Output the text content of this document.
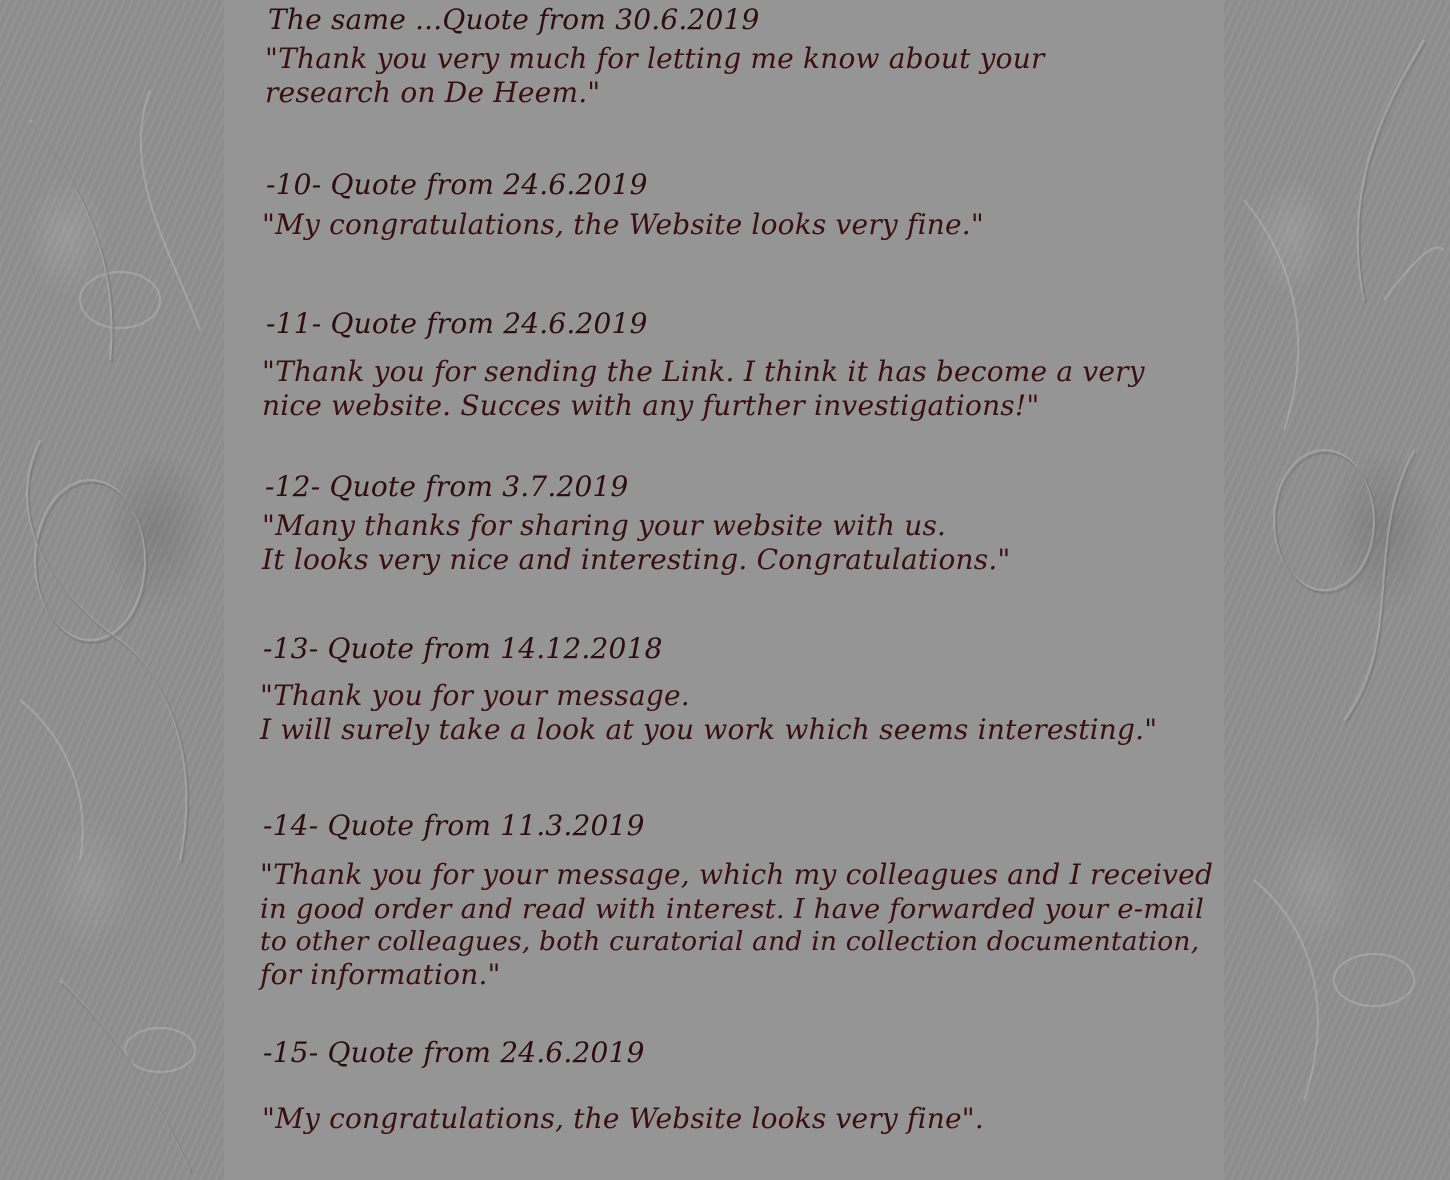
The same ...Quote from 30.6.2019

"Thank you very much for letting me know about your

research on De Heem."

-10- Quote from 24.6.2019

"My congratulations, the Website looks very fine."

-11- Quote from 24.6.2019

"Thank you for sending the Link. I think it has become a very

nice website. Succes with any further investigations!"

-12- Quote from 3.7.2019

"Many thanks for sharing your website with us.

It looks very nice and interesting. Congratulations."

-13- Quote from 14.12.2018

"Thank you for your message.

I will surely take a look at you work which seems interesting."

-14- Quote from 11.3.2019

"Thank you for your message, which my colleagues and I received

in good order and read with interest. I have forwarded your e-mail

to other colleagues, both curatorial and in collection documentation,

for information."

-15- Quote from 24.6.2019

"My congratulations, the Website looks very fine".
